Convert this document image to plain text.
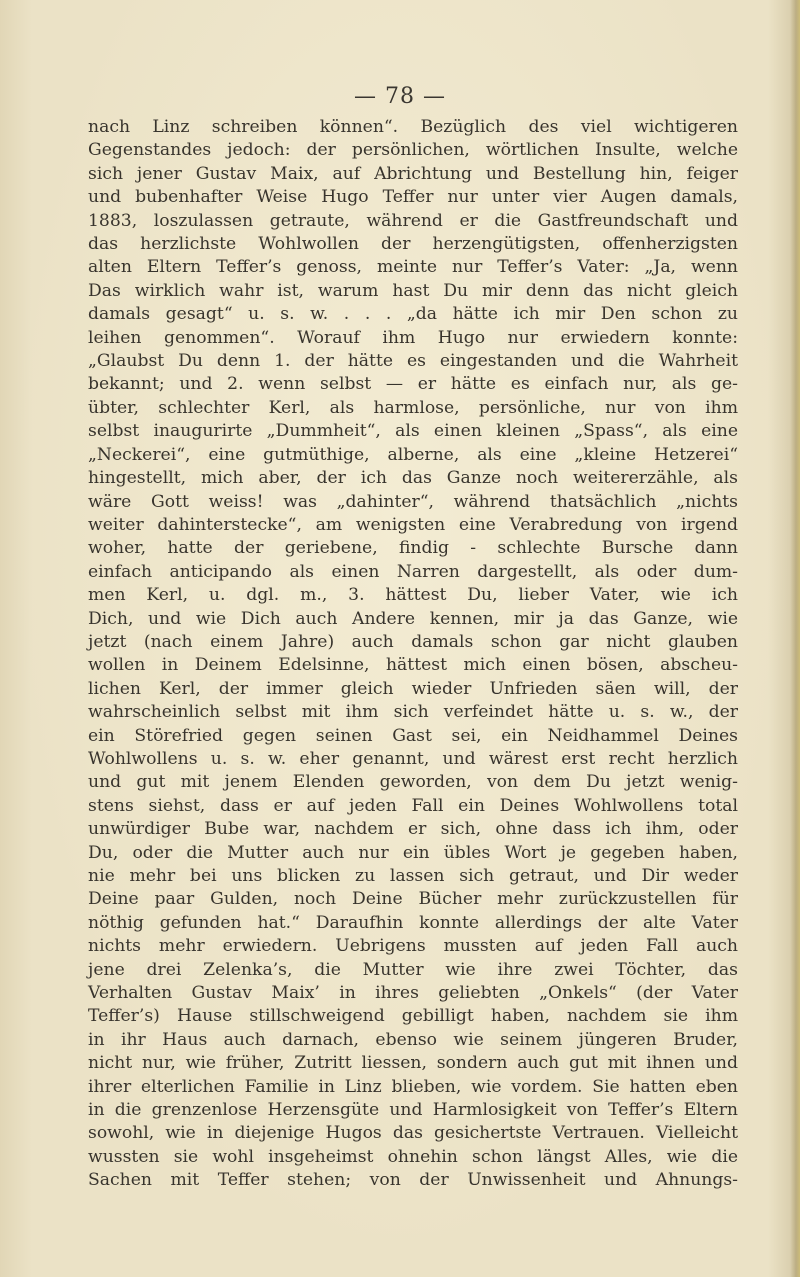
— 78 —
nach Linz schreiben können“. Bezüglich des viel wichtigeren
Gegenstandes jedoch: der persönlichen, wörtlichen Insulte, welche
sich jener Gustav Maix, auf Abrichtung und Bestellung hin, feiger
und bubenhafter Weise Hugo Teffer nur unter vier Augen damals,
1883, loszulassen getraute, während er die Gastfreundschaft und
das herzlichste Wohlwollen der herzengütigsten, offenherzigsten
alten Eltern Teffer’s genoss, meinte nur Teffer’s Vater: „Ja, wenn
Das wirklich wahr ist, warum hast Du mir denn das nicht gleich
damals gesagt“ u. s. w. . . . „da hätte ich mir Den schon zu
leihen genommen“. Worauf ihm Hugo nur erwiedern konnte:
„Glaubst Du denn 1. der hätte es eingestanden und die Wahrheit
bekannt; und 2. wenn selbst — er hätte es einfach nur, als ge-
übter, schlechter Kerl, als harmlose, persönliche, nur von ihm
selbst inaugurirte „Dummheit“, als einen kleinen „Spass“, als eine
„Neckerei“, eine gutmüthige, alberne, als eine „kleine Hetzerei“
hingestellt, mich aber, der ich das Ganze noch weitererzähle, als
wäre Gott weiss! was „dahinter“, während thatsächlich „nichts
weiter dahintersteckе“, am wenigsten eine Verabredung von irgend
woher, hatte der geriebene, findig - schlechte Bursche dann
einfach anticipando als einen Narren dargestellt, als oder dum-
men Kerl, u. dgl. m., 3. hättest Du, lieber Vater, wie ich
Dich, und wie Dich auch Andere kennen, mir ja das Ganze, wie
jetzt (nach einem Jahre) auch damals schon gar nicht glauben
wollen in Deinem Edelsinne, hättest mich einen bösen, abscheu-
lichen Kerl, der immer gleich wieder Unfrieden säen will, der
wahrscheinlich selbst mit ihm sich verfeindet hätte u. s. w., der
ein Störefried gegen seinen Gast sei, ein Neidhammel Deines
Wohlwollens u. s. w. eher genannt, und wärest erst recht herzlich
und gut mit jenem Elenden geworden, von dem Du jetzt wenig-
stens siehst, dass er auf jeden Fall ein Deines Wohlwollens total
unwürdiger Bube war, nachdem er sich, ohne dass ich ihm, oder
Du, oder die Mutter auch nur ein übles Wort je gegeben haben,
nie mehr bei uns blicken zu lassen sich getraut, und Dir weder
Deine paar Gulden, noch Deine Bücher mehr zurückzustellen für
nöthig gefunden hat.“ Daraufhin konnte allerdings der alte Vater
nichts mehr erwiedern. Uebrigens mussten auf jeden Fall auch
jene drei Zelenka’s, die Mutter wie ihre zwei Töchter, das
Verhalten Gustav Maix’ in ihres geliebten „Onkels“ (der Vater
Teffer’s) Hause stillschweigend gebilligt haben, nachdem sie ihm
in ihr Haus auch darnach, ebenso wie seinem jüngeren Bruder,
nicht nur, wie früher, Zutritt liessen, sondern auch gut mit ihnen und
ihrer elterlichen Familie in Linz blieben, wie vordem. Sie hatten eben
in die grenzenlose Herzensgüte und Harmlosigkeit von Teffer’s Eltern
sowohl, wie in diejenige Hugos das gesichertste Vertrauen. Vielleicht
wussten sie wohl insgeheimst ohnehin schon längst Alles, wie die
Sachen mit Teffer stehen; von der Unwissenheit und Ahnungs-
